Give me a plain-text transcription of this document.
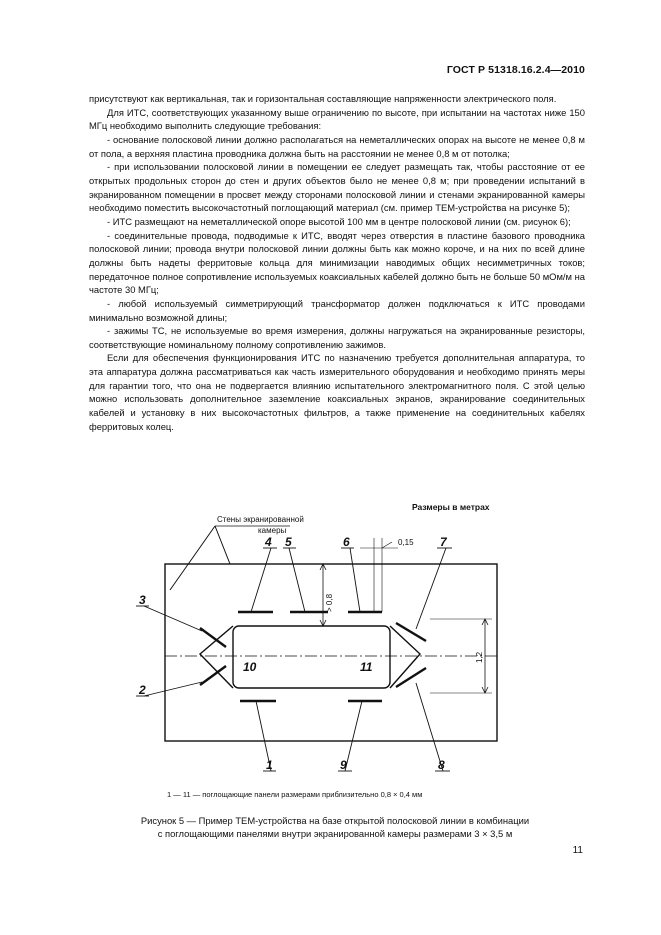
ГОСТ Р 51318.16.2.4—2010

присутствуют как вертикальная, так и горизонтальная составляющие напряженности электрического поля.

Для ИТС, соответствующих указанному выше ограничению по высоте, при испытании на частотах ниже 150 МГц необходимо выполнить следующие требования:

- основание полосковой линии должно располагаться на неметаллических опорах на высоте не менее 0,8 м от пола, а верхняя пластина проводника должна быть на расстоянии не менее 0,8 м от потолка;

- при использовании полосковой линии в помещении ее следует размещать так, чтобы расстояние от ее открытых продольных сторон до стен и других объектов было не менее 0,8 м; при проведении испытаний в экранированном помещении в просвет между сторонами полосковой линии и стенами экранированной камеры необходимо поместить высокочастотный поглощающий материал (см. пример ТЕМ-устройства на рисунке 5);

- ИТС размещают на неметаллической опоре высотой 100 мм в центре полосковой линии (см. рисунок 6);

- соединительные провода, подводимые к ИТС, вводят через отверстия в пластине базового проводника полосковой линии; провода внутри полосковой линии должны быть как можно короче, и на них по всей длине должны быть надеты ферритовые кольца для минимизации наводимых общих несимметричных токов; передаточное полное сопротивление используемых коаксиальных кабелей должно быть не больше 50 мОм/м на частоте 30 МГц;

- любой используемый симметрирующий трансформатор должен подключаться к ИТС проводами минимально возможной длины;

- зажимы ТС, не используемые во время измерения, должны нагружаться на экранированные резисторы, соответствующие номинальному полному сопротивлению зажимов.

Если для обеспечения функционирования ИТС по назначению требуется дополнительная аппаратура, то эта аппаратура должна рассматриваться как часть измерительного оборудования и необходимо принять меры для гарантии того, что она не подвергается влиянию испытательного электромагнитного поля. С этой целью можно использовать дополнительное заземление коаксиальных экранов, экранирование соединительных кабелей и установку в них высокочастотных фильтров, а также применение на соединительных кабелях ферритовых колец.

Размеры в метрах
Стены экранированной
камеры
0,15
> 0,8
1,2
4 5	6	7
3
2
1	9	8
10	11
1 — 11 — поглощающие панели размерами приблизительно 0,8 × 0,4 мм
Рисунок 5 — Пример ТЕМ-устройства на базе открытой полосковой линии в комбинации
с поглощающими панелями внутри экранированной камеры размерами 3 × 3,5 м
11
